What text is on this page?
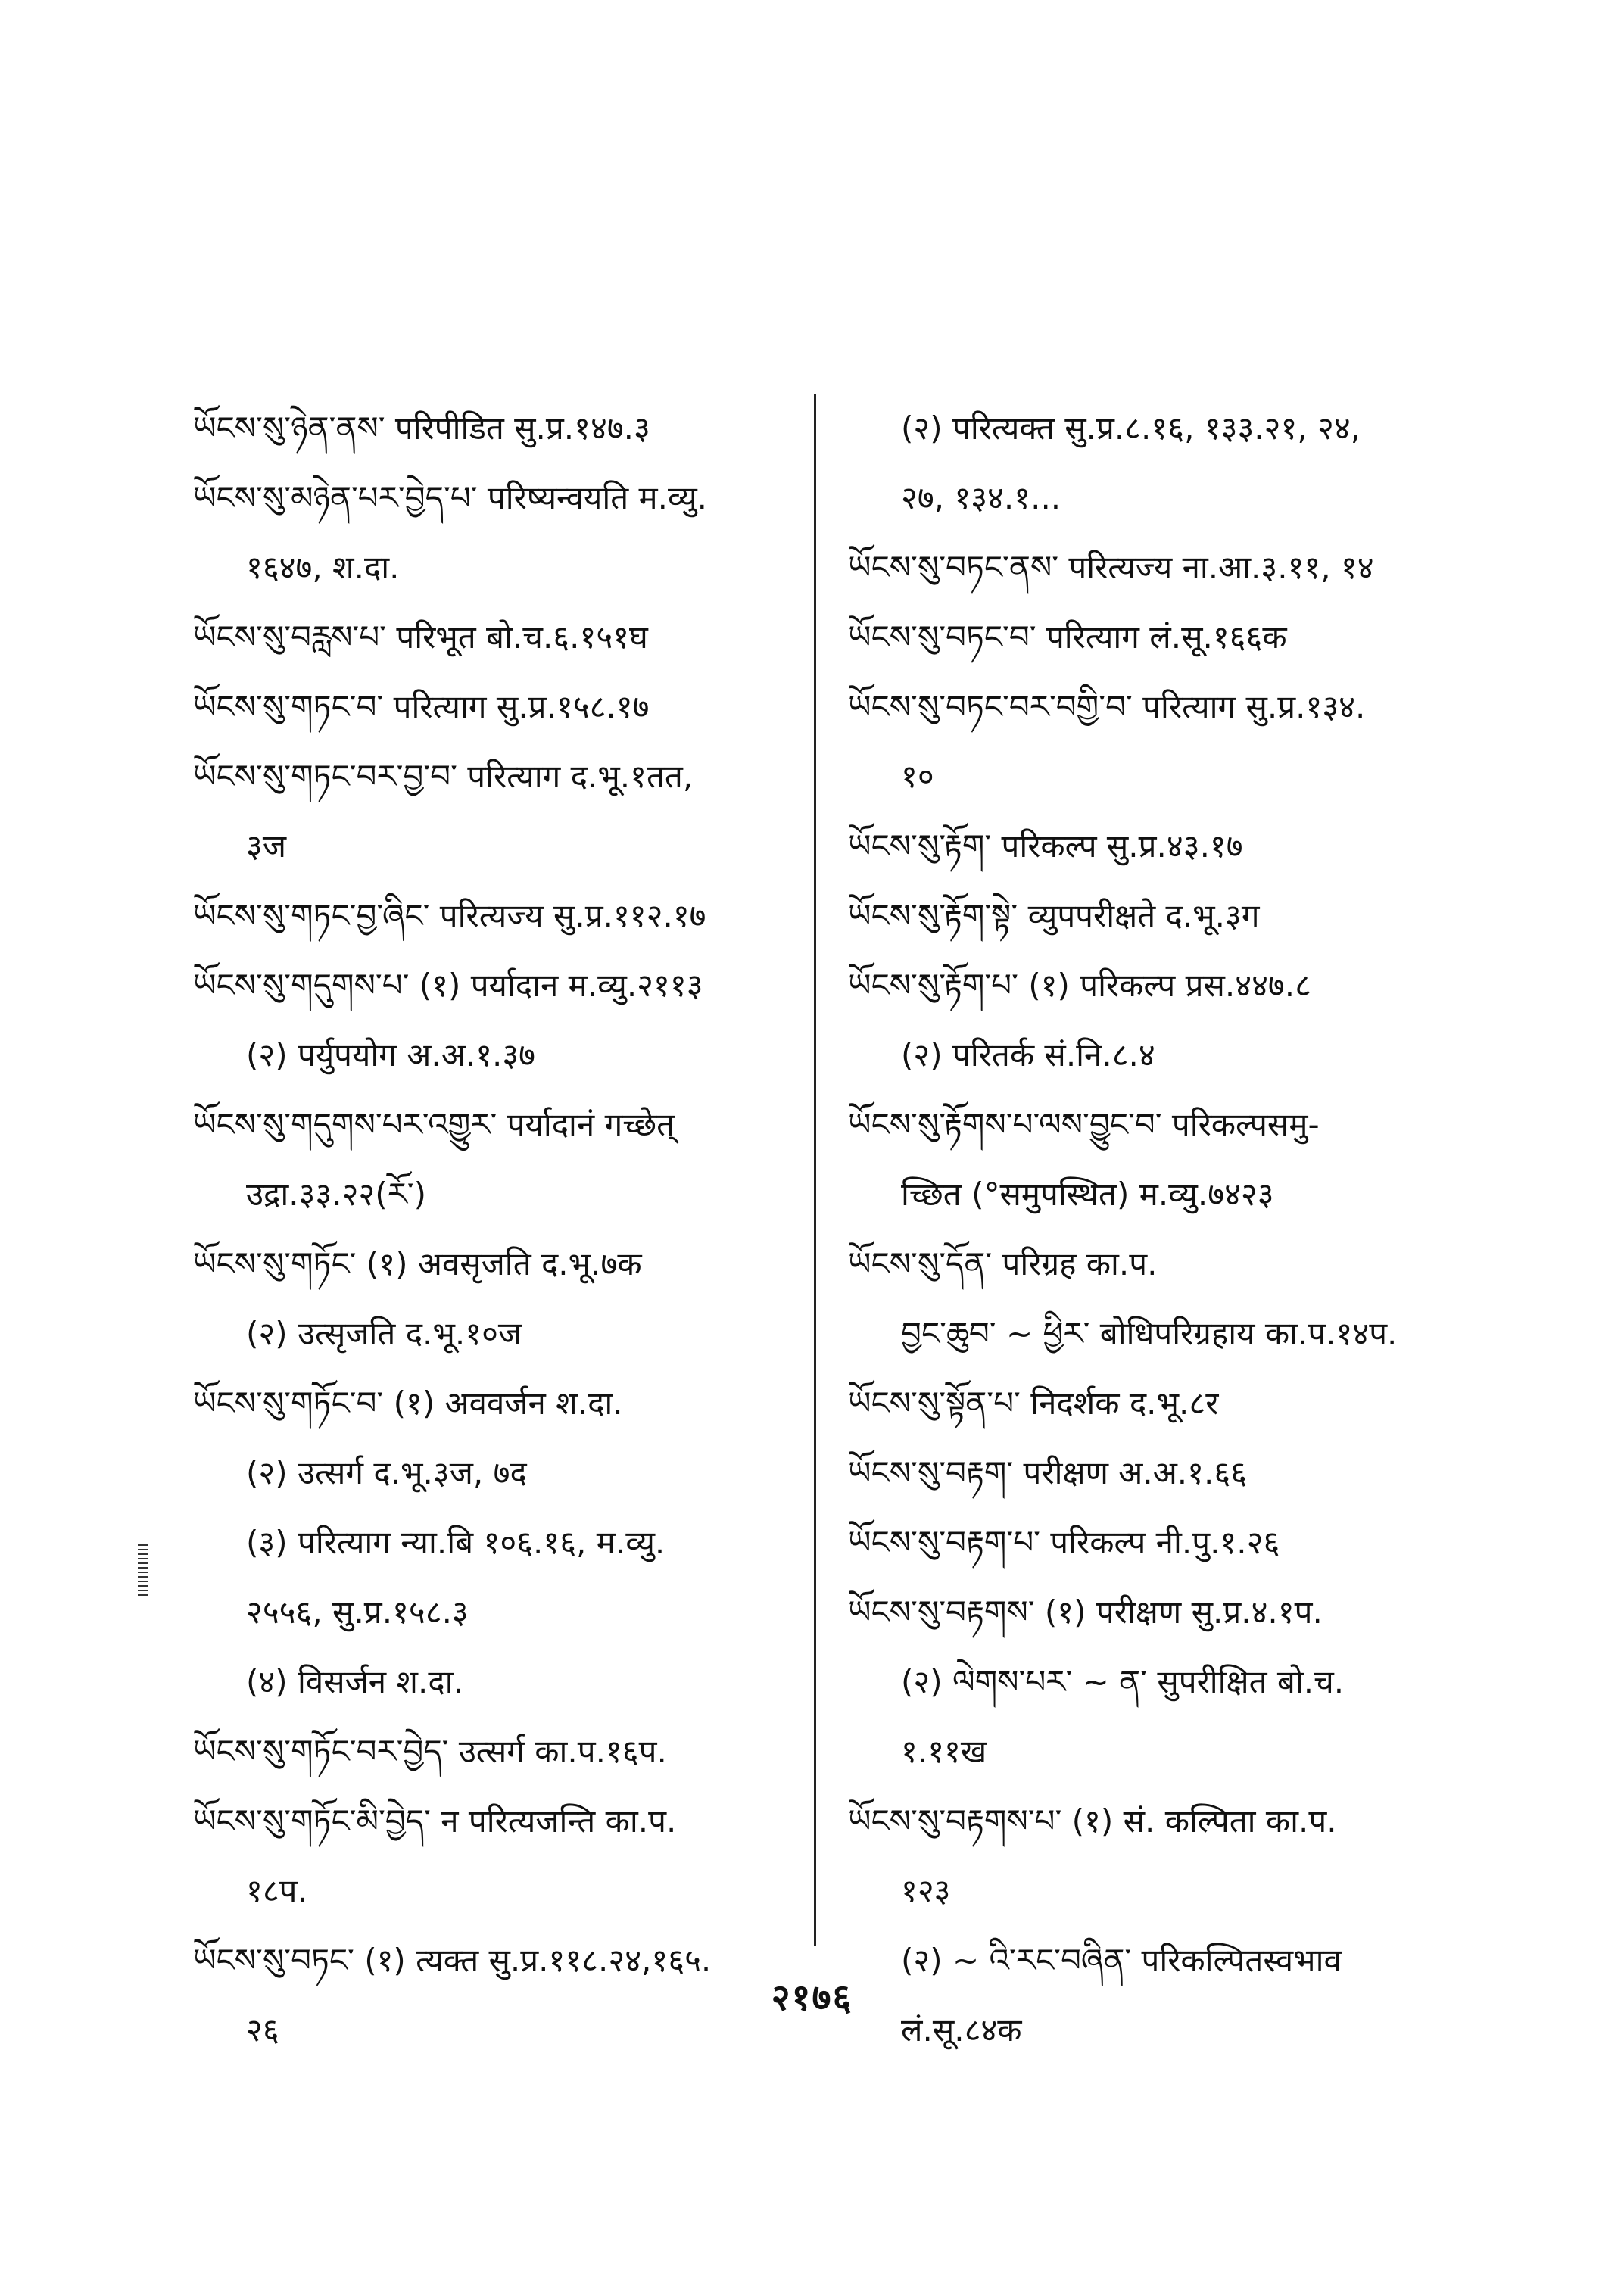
ཡོངས་སུ་ཉེན་ནས་ परिपीडित सु.प्र.१४७.३
ཡོངས་སུ་མཉེན་པར་བྱེད་པ་ परिष्यन्वयति म.व्यु.
१६४७, श.दा.
ཡོངས་སུ་བརླས་པ་ परिभूत बो.च.६.१५१घ
ཡོངས་སུ་གཏང་བ་ परित्याग सु.प्र.१५८.१७
ཡོངས་སུ་གཏང་བར་བྱ་བ་ परित्याग द.भू.१तत,
३ज
ཡོངས་སུ་གཏང་བྱ་ཞིང་ परित्यज्य सु.प्र.११२.१७
ཡོངས་སུ་གདུགས་པ་ (१) पर्यादान म.व्यु.२११३
(२) पर्युपयोग अ.अ.१.३७
ཡོངས་སུ་གདུགས་པར་འགྱུར་ पर्यादानं गच्छेत्
उद्रा.३३.२२(ཪོ་)
ཡོངས་སུ་གཏོང་ (१) अवसृजति द.भू.७क
(२) उत्सृजति द.भू.१०ज
ཡོངས་སུ་གཏོང་བ་ (१) अववर्जन श.दा.
(२) उत्सर्ग द.भू.३ज, ७द
(३) परित्याग न्या.बि १०६.१६, म.व्यु.
२५५६, सु.प्र.१५८.३
(४) विसर्जन श.दा.
ཡོངས་སུ་གཏོང་བར་བྱེད་ उत्सर्ग का.प.१६प.
ཡོངས་སུ་གཏོང་མི་བྱེད་ न परित्यजन्ति का.प.
१८प.
ཡོངས་སུ་བཏང་ (१) त्यक्त सु.प्र.११८.२४,१६५.
२६
(२) परित्यक्त सु.प्र.८.१६, १३३.२१, २४,
२७, १३४.१...
ཡོངས་སུ་བཏང་ནས་ परित्यज्य ना.आ.३.११, १४
ཡོངས་སུ་བཏང་བ་ परित्याग लं.सू.१६६क
ཡོངས་སུ་བཏང་བར་བགྱི་བ་ परित्याग सु.प्र.१३४.
१०
ཡོངས་སུ་རྟོག་ परिकल्प सु.प्र.४३.१७
ཡོངས་སུ་རྟོག་སྟེ་ व्युपपरीक्षते द.भू.३ग
ཡོངས་སུ་རྟོག་པ་ (१) परिकल्प प्रस.४४७.८
(२) परितर्क सं.नि.८.४
ཡོངས་སུ་རྟོགས་པ་ལས་བྱུང་བ་ परिकल्पसमु-
च्छित (°समुपस्थित) म.व्यु.७४२३
ཡོངས་སུ་དོན་ परिग्रह का.प.
བྱང་ཆུབ་ ~ ཕྱིར་ बोधिपरिग्रहाय का.प.१४प.
ཡོངས་སུ་སྟོན་པ་ निदर्शक द.भू.८र
ཡོངས་སུ་བརྟག་ परीक्षण अ.अ.१.६६
ཡོངས་སུ་བརྟག་པ་ परिकल्प नी.पु.१.२६
ཡོངས་སུ་བརྟགས་ (१) परीक्षण सु.प्र.४.१प.
(२) ལེགས་པར་ ~ ན་ सुपरीक्षित बो.च.
१.११ख
ཡོངས་སུ་བརྟགས་པ་ (१) सं. कल्पिता का.प.
१२३
(२) ~ འི་རང་བཞིན་ परिकल्पितस्वभाव
लं.सू.८४क
२१७६
